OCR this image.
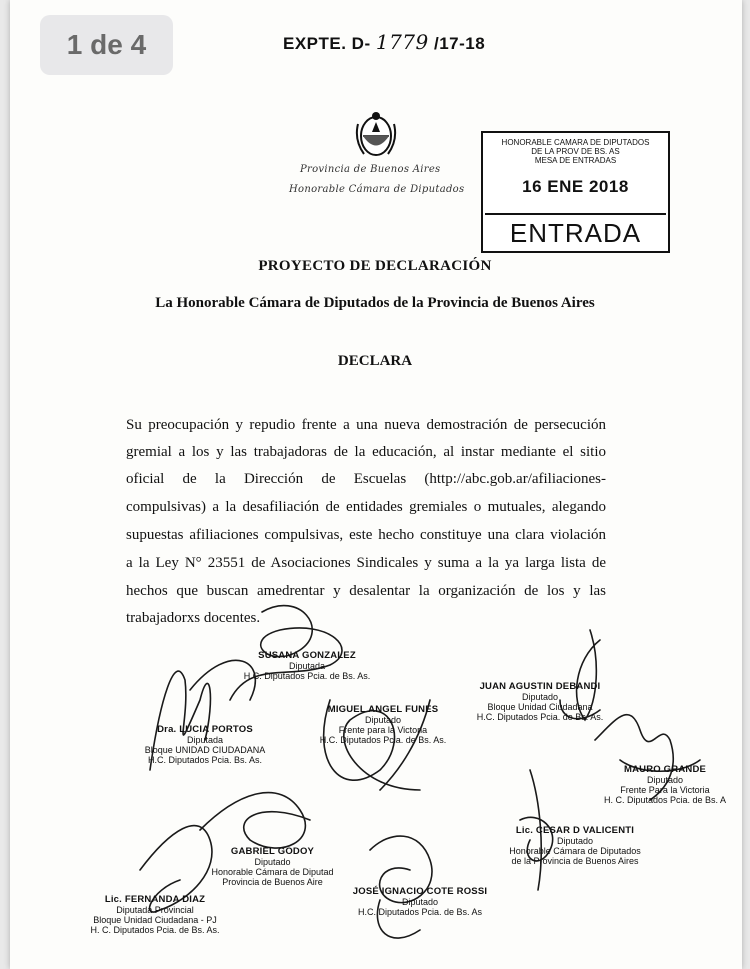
1 de 4	EXPTE. D- 1779 /17-18
Provincia de Buenos Aires
Honorable Cámara de Diputados
HONORABLE CAMARA DE DIPUTADOS
DE LA PROV DE BS. AS
MESA DE ENTRADAS
16 ENE 2018
ENTRADA
PROYECTO DE DECLARACIÓN
La Honorable Cámara de Diputados de la Provincia de Buenos Aires
DECLARA
Su preocupación y repudio frente a una nueva demostración de persecución
gremial a los y las trabajadoras de la educación, al instar mediante el sitio
oficial de la Dirección de Escuelas (http://abc.gob.ar/afiliaciones-
compulsivas) a la desafiliación de entidades gremiales o mutuales, alegando
supuestas afiliaciones compulsivas, este hecho constituye una clara violación
a la Ley N° 23551 de Asociaciones Sindicales y suma a la ya larga lista de
hechos que buscan amedrentar y desalentar la organización de los y las
trabajadorxs docentes.
SUSANA GONZALEZ
Diputada
H.C. Diputados Pcia. de Bs. As.
Dra. LUCIA PORTOS
Diputada
Bloque UNIDAD CIUDADANA
H.C. Diputados Pcia. Bs. As.
MIGUEL ANGEL FUNES
Diputado
Frente para la Victoria
H.C. Diputados Pcia. de Bs. As.
JUAN AGUSTIN DEBANDI
Diputado
Bloque Unidad Ciudadana
H.C. Diputados Pcia. de Bs. As.
MAURO GRANDE
Diputado
Frente Para la Victoria
H. C. Diputados Pcia. de Bs. A
GABRIEL GODOY
Diputado
Honorable Cámara de Diputad
Provincia de Buenos Aire
Lic. CESAR D VALICENTI
Diputado
Honorable Cámara de Diputados
de la Provincia de Buenos Aires
Lic. FERNANDA DIAZ
Diputada Provincial
Bloque Unidad Ciudadana - PJ
H. C. Diputados Pcia. de Bs. As.
JOSÉ IGNACIO COTE ROSSI
Diputado
H.C. Diputados Pcia. de Bs. As
